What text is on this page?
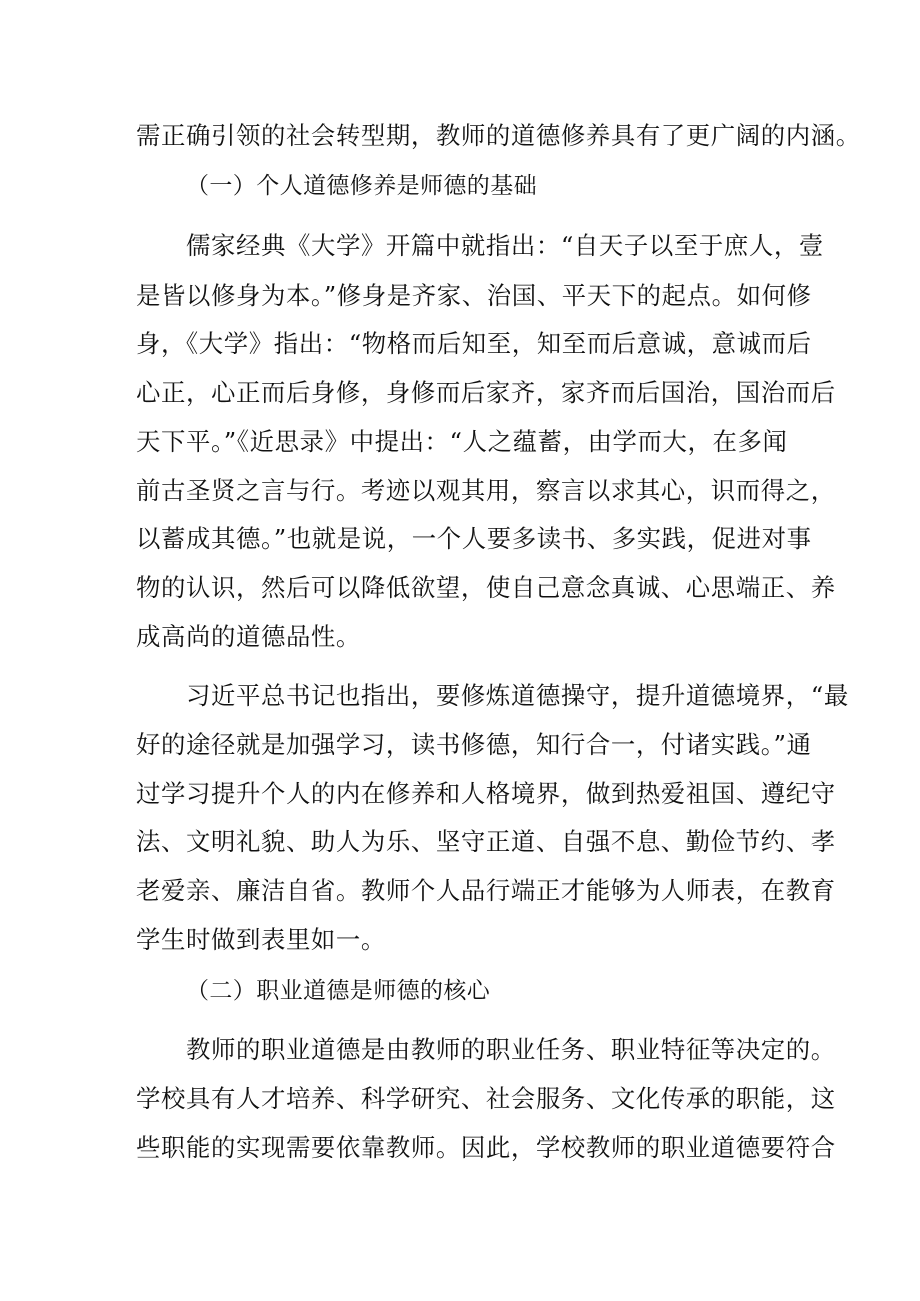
需正确引领的社会转型期，教师的道德修养具有了更广阔的内涵。
（一）个人道德修养是师德的基础
儒家经典《大学》开篇中就指出：“自天子以至于庶人，壹
是皆以修身为本。”修身是齐家、治国、平天下的起点。如何修
身，《大学》指出：“物格而后知至，知至而后意诚，意诚而后
心正，心正而后身修，身修而后家齐，家齐而后国治，国治而后
天下平。”《近思录》中提出：“人之蕴蓄，由学而大，在多闻
前古圣贤之言与行。考迹以观其用，察言以求其心，识而得之，
以蓄成其德。”也就是说，一个人要多读书、多实践，促进对事
物的认识，然后可以降低欲望，使自己意念真诚、心思端正、养
成高尚的道德品性。
习近平总书记也指出，要修炼道德操守，提升道德境界，“最
好的途径就是加强学习，读书修德，知行合一，付诸实践。”通
过学习提升个人的内在修养和人格境界，做到热爱祖国、遵纪守
法、文明礼貌、助人为乐、坚守正道、自强不息、勤俭节约、孝
老爱亲、廉洁自省。教师个人品行端正才能够为人师表，在教育
学生时做到表里如一。
（二）职业道德是师德的核心
教师的职业道德是由教师的职业任务、职业特征等决定的。
学校具有人才培养、科学研究、社会服务、文化传承的职能，这
些职能的实现需要依靠教师。因此，学校教师的职业道德要符合
